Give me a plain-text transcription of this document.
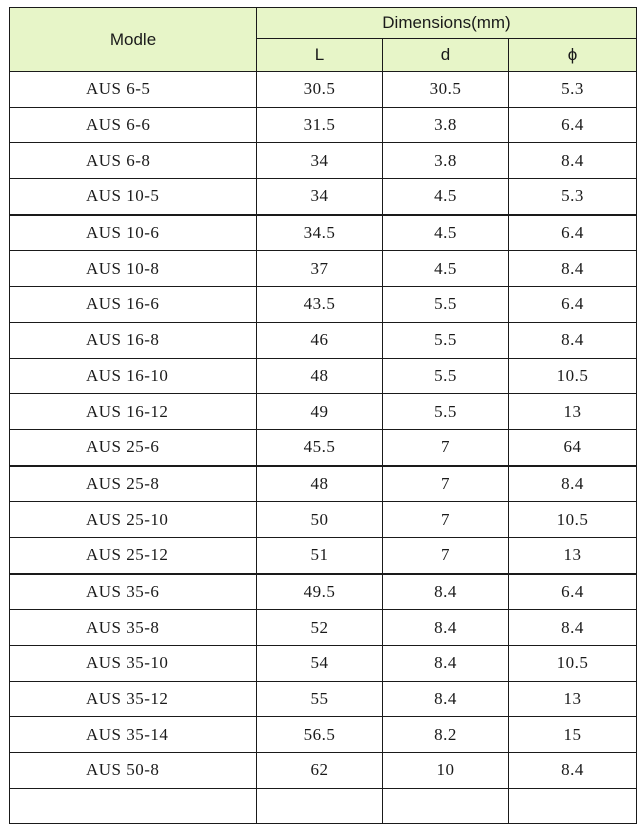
Modle	Dimensions(mm)		
	L	d	ϕ
AUS 6-5	30.5	30.5	5.3
AUS 6-6	31.5	3.8	6.4
AUS 6-8	34	3.8	8.4
AUS 10-5	34	4.5	5.3
AUS 10-6	34.5	4.5	6.4
AUS 10-8	37	4.5	8.4
AUS 16-6	43.5	5.5	6.4
AUS 16-8	46	5.5	8.4
AUS 16-10	48	5.5	10.5
AUS 16-12	49	5.5	13
AUS 25-6	45.5	7	64
AUS 25-8	48	7	8.4
AUS 25-10	50	7	10.5
AUS 25-12	51	7	13
AUS 35-6	49.5	8.4	6.4
AUS 35-8	52	8.4	8.4
AUS 35-10	54	8.4	10.5
AUS 35-12	55	8.4	13
AUS 35-14	56.5	8.2	15
AUS 50-8	62	10	8.4
